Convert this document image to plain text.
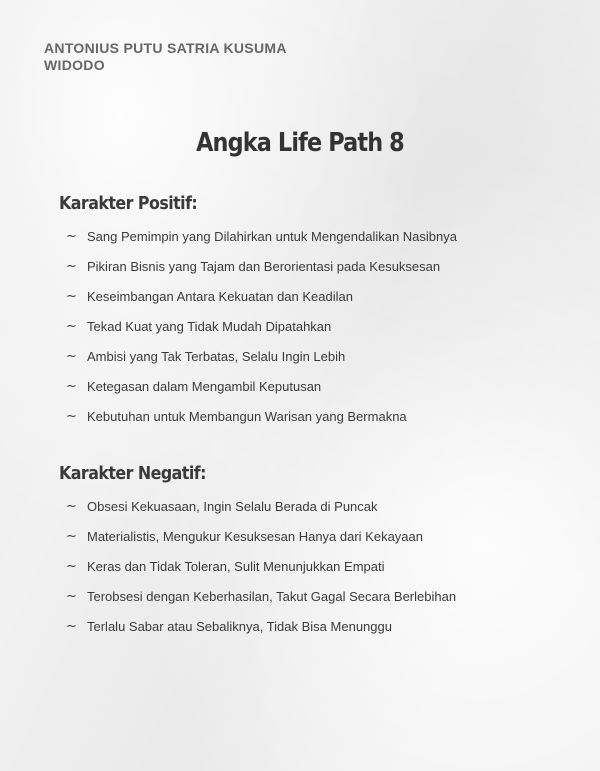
ANTONIUS PUTU SATRIA KUSUMA WIDODO
Angka Life Path 8
Karakter Positif:
~ Sang Pemimpin yang Dilahirkan untuk Mengendalikan Nasibnya
~ Pikiran Bisnis yang Tajam dan Berorientasi pada Kesuksesan
~ Keseimbangan Antara Kekuatan dan Keadilan
~ Tekad Kuat yang Tidak Mudah Dipatahkan
~ Ambisi yang Tak Terbatas, Selalu Ingin Lebih
~ Ketegasan dalam Mengambil Keputusan
~ Kebutuhan untuk Membangun Warisan yang Bermakna
Karakter Negatif:
~ Obsesi Kekuasaan, Ingin Selalu Berada di Puncak
~ Materialistis, Mengukur Kesuksesan Hanya dari Kekayaan
~ Keras dan Tidak Toleran, Sulit Menunjukkan Empati
~ Terobsesi dengan Keberhasilan, Takut Gagal Secara Berlebihan
~ Terlalu Sabar atau Sebaliknya, Tidak Bisa Menunggu
